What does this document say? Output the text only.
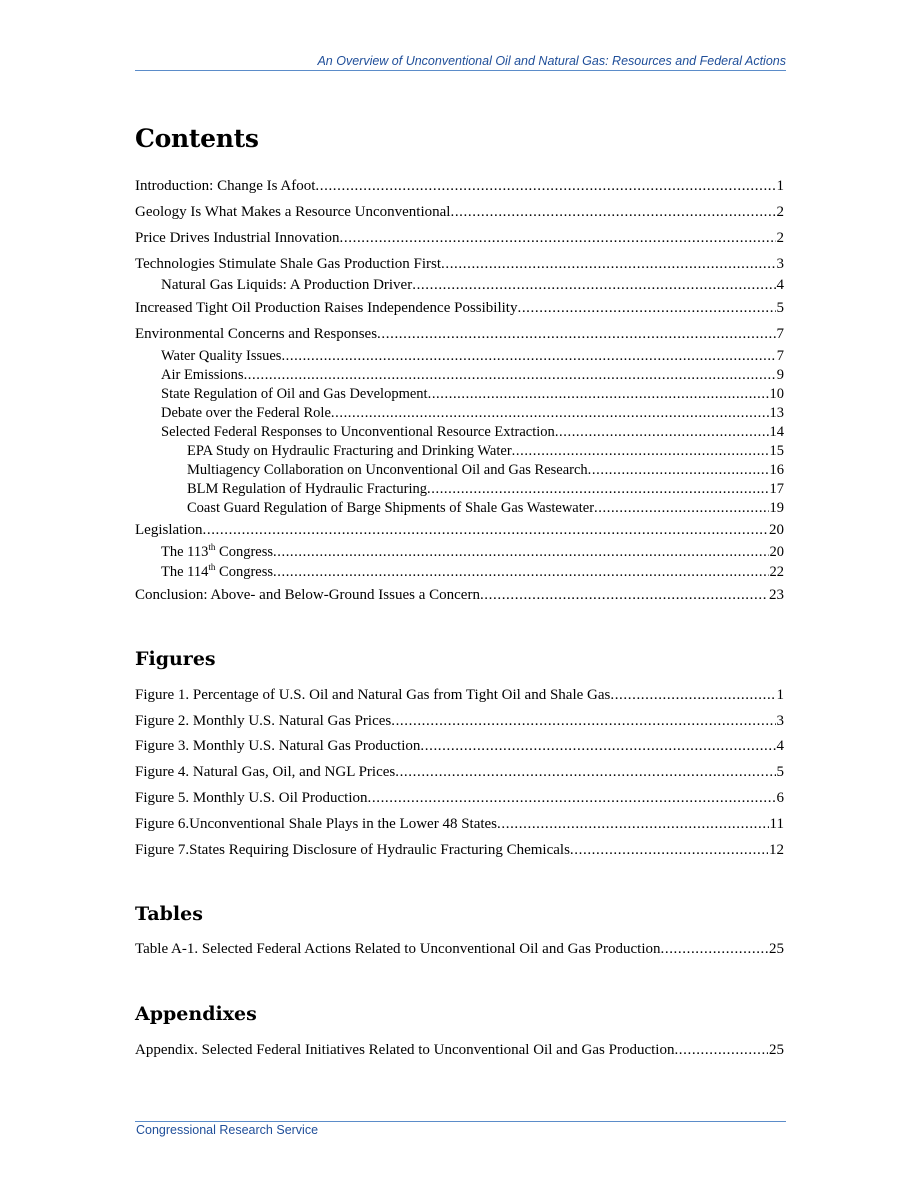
An Overview of Unconventional Oil and Natural Gas: Resources and Federal Actions
Contents
Introduction: Change Is Afoot .....	1
Geology Is What Makes a Resource Unconventional .....	2
Price Drives Industrial Innovation .....	2
Technologies Stimulate Shale Gas Production First .....	3
Natural Gas Liquids: A Production Driver .....	4
Increased Tight Oil Production Raises Independence Possibility .....	5
Environmental Concerns and Responses .....	7
Water Quality Issues .....	7
Air Emissions .....	9
State Regulation of Oil and Gas Development .....	10
Debate over the Federal Role .....	13
Selected Federal Responses to Unconventional Resource Extraction .....	14
EPA Study on Hydraulic Fracturing and Drinking Water .....	15
Multiagency Collaboration on Unconventional Oil and Gas Research .....	16
BLM Regulation of Hydraulic Fracturing .....	17
Coast Guard Regulation of Barge Shipments of Shale Gas Wastewater .....	19
Legislation .....	20
The 113th Congress .....	20
The 114th Congress .....	22
Conclusion: Above- and Below-Ground Issues a Concern .....	23
Figures
Figure 1. Percentage of U.S. Oil and Natural Gas from Tight Oil and Shale Gas .....	1
Figure 2. Monthly U.S. Natural Gas Prices .....	3
Figure 3. Monthly U.S. Natural Gas Production .....	4
Figure 4. Natural Gas, Oil, and NGL Prices .....	5
Figure 5. Monthly U.S. Oil Production .....	6
Figure 6.Unconventional Shale Plays in the Lower 48 States .....	11
Figure 7.States Requiring Disclosure of Hydraulic Fracturing Chemicals .....	12
Tables
Table A-1. Selected Federal Actions Related to Unconventional Oil and Gas Production .....	25
Appendixes
Appendix. Selected Federal Initiatives Related to Unconventional Oil and Gas Production .....	25
Congressional Research Service
